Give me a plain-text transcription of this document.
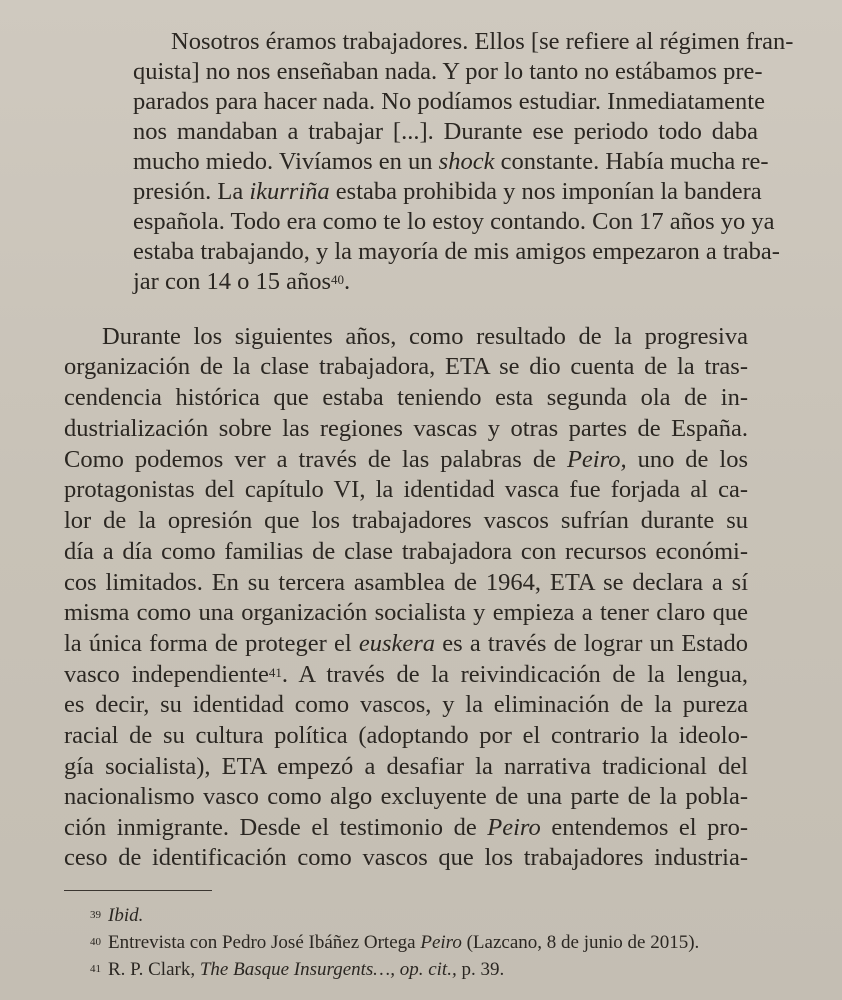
Nosotros éramos trabajadores. Ellos [se refiere al régimen fran-
quista] no nos enseñaban nada. Y por lo tanto no estábamos pre-
parados para hacer nada. No podíamos estudiar. Inmediatamente
nos mandaban a trabajar [...]. Durante ese periodo todo daba
mucho miedo. Vivíamos en un shock constante. Había mucha re-
presión. La ikurriña estaba prohibida y nos imponían la bandera
española. Todo era como te lo estoy contando. Con 17 años yo ya
estaba trabajando, y la mayoría de mis amigos empezaron a traba-
jar con 14 o 15 años$^{40}$.
Durante los siguientes años, como resultado de la progresiva
organización de la clase trabajadora, ETA se dio cuenta de la tras-
cendencia histórica que estaba teniendo esta segunda ola de in-
dustrialización sobre las regiones vascas y otras partes de España.
Como podemos ver a través de las palabras de Peiro, uno de los
protagonistas del capítulo VI, la identidad vasca fue forjada al ca-
lor de la opresión que los trabajadores vascos sufrían durante su
día a día como familias de clase trabajadora con recursos económi-
cos limitados. En su tercera asamblea de 1964, ETA se declara a sí
misma como una organización socialista y empieza a tener claro que
la única forma de proteger el euskera es a través de lograr un Estado
vasco independiente$^{41}$. A través de la reivindicación de la lengua,
es decir, su identidad como vascos, y la eliminación de la pureza
racial de su cultura política (adoptando por el contrario la ideolo-
gía socialista), ETA empezó a desafiar la narrativa tradicional del
nacionalismo vasco como algo excluyente de una parte de la pobla-
ción inmigrante. Desde el testimonio de Peiro entendemos el pro-
ceso de identificación como vascos que los trabajadores industria-
$^{39}$ Ibid.
$^{40}$ Entrevista con Pedro José Ibáñez Ortega Peiro (Lazcano, 8 de junio de 2015).
$^{41}$ R. P. Clark, The Basque Insurgents…, op. cit., p. 39.
